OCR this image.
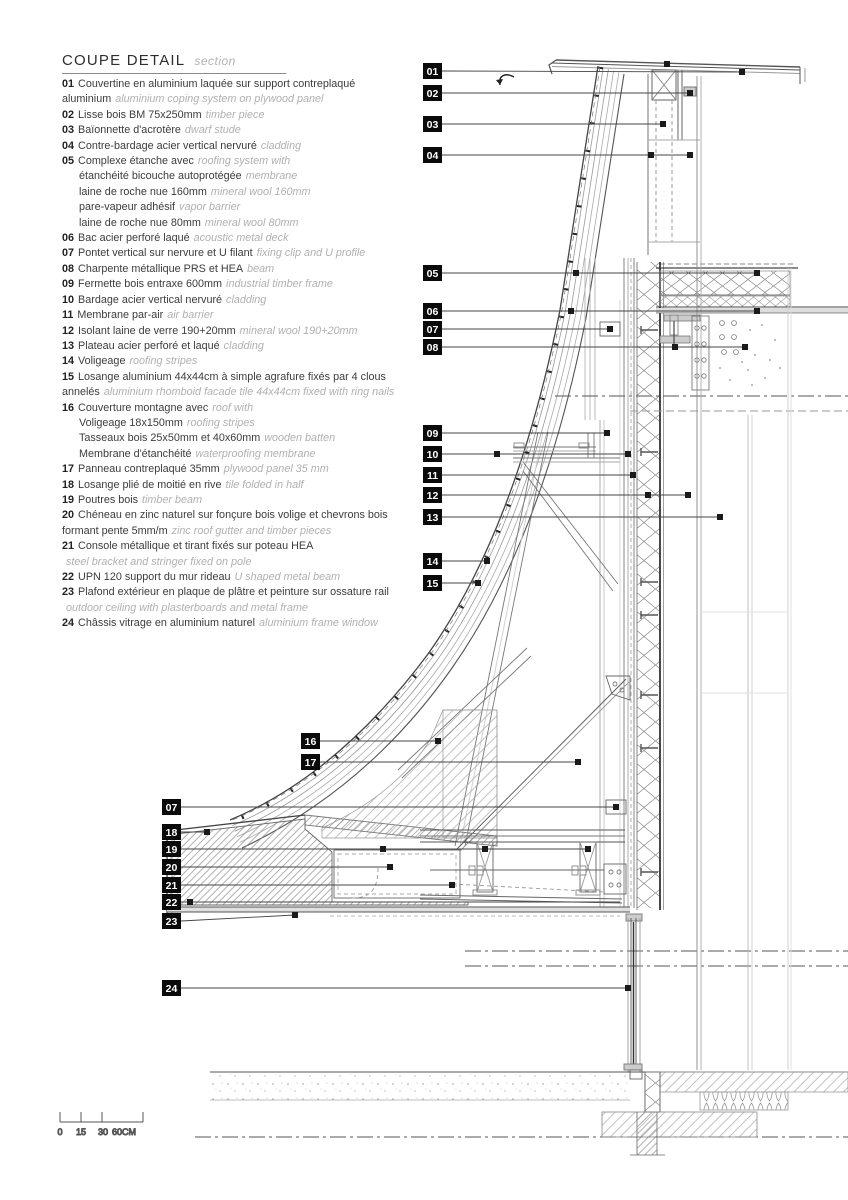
0 15 30 60CM
01
02
03
04
05
06
07
08
09
10
11
12
13
14
15
16
17
07
18
19
20
21
22
23
24
COUPE DETAIL section
01 Couvertine en aluminium laquée sur support contreplaqué
aluminium aluminium coping system on plywood panel
02 Lisse bois BM 75x250mm timber piece
03 Baïonnette d'acrotère dwarf stude
04 Contre-bardage acier vertical nervuré cladding
05 Complexe étanche avec roofing system with
étanchéité bicouche autoprotégée membrane
laine de roche nue 160mm mineral wool 160mm
pare-vapeur adhésif vapor barrier
laine de roche nue 80mm mineral wool 80mm
06 Bac acier perforé laqué acoustic metal deck
07 Pontet vertical sur nervure et U filant fixing clip and U profile
08 Charpente métallique PRS et HEA beam
09 Fermette bois entraxe 600mm industrial timber frame
10 Bardage acier vertical nervuré cladding
11 Membrane par-air air barrier
12 Isolant laine de verre 190+20mm mineral wool 190+20mm
13 Plateau acier perforé et laqué cladding
14 Voligeage roofing stripes
15 Losange aluminium 44x44cm à simple agrafure fixés par 4 clous
annelés aluminium rhomboid facade tile 44x44cm fixed with ring nails
16 Couverture montagne avec roof with
Voligeage 18x150mm roofing stripes
Tasseaux bois 25x50mm et 40x60mm wooden batten
Membrane d'étanchéité waterproofing membrane
17 Panneau contreplaqué 35mm plywood panel 35 mm
18 Losange plié de moitié en rive tile folded in half
19 Poutres bois timber beam
20 Chéneau en zinc naturel sur fonçure bois volige et chevrons bois
formant pente 5mm/m zinc roof gutter and timber pieces
21 Console métallique et tirant fixés sur poteau HEA
steel bracket and stringer fixed on pole
22 UPN 120 support du mur rideau U shaped metal beam
23 Plafond extérieur en plaque de plâtre et peinture sur ossature rail
outdoor ceiling with plasterboards and metal frame
24 Châssis vitrage en aluminium naturel aluminium frame window
